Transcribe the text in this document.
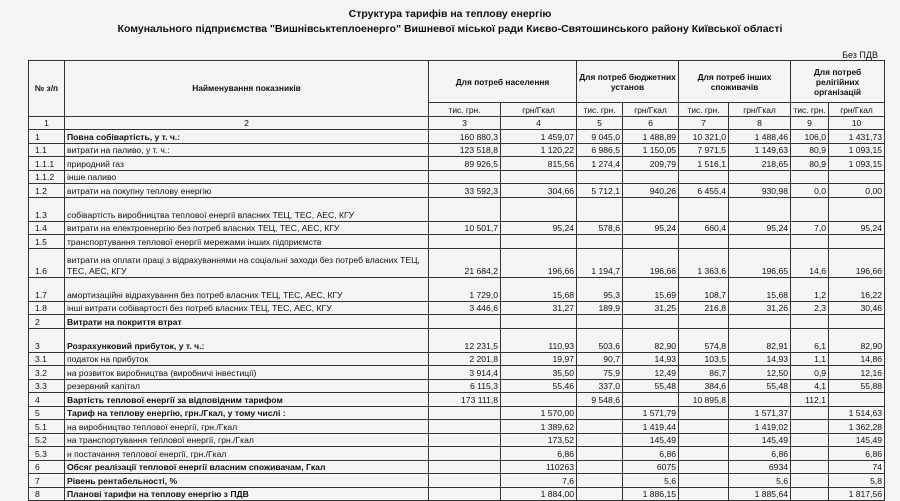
Структура тарифів на теплову енергію
Комунального підприємства "Вишнівськтеплоенерго" Вишневої міської ради Києво-Святошинського району Київської області
Без ПДВ
№ з/п	Найменування показників	Для потреб населення		Для потреб бюджетних установ		Для потреб інших споживачів		Для потреб релігійних організацій	
		тис. грн.	грн/Гкал	тис. грн.	грн/Гкал	тис. грн.	грн/Гкал	тис. грн.	грн/Гкал
1	2	3	4	5	6	7	8	9	10
1	Повна собівартість, у т. ч.:	160 880,3	1 459,07	9 045,0	1 488,89	10 321,0	1 488,46	106,0	1 431,73
1.1	витрати на паливо, у т. ч.:	123 518,8	1 120,22	6 986,5	1 150,05	7 971,5	1 149,63	80,9	1 093,15
1.1.1	природний газ	89 926,5	815,56	1 274,4	209,79	1 516,1	218,65	80,9	1 093,15
1.1.2	інше паливо								
1.2	витрати на покупну теплову енергію	33 592,3	304,66	5 712,1	940,26	6 455,4	930,98	0,0	0,00
1.3	собівартість виробництва теплової енергії власних ТЕЦ, ТЕС, АЕС, КГУ								
1.4	витрати на електроенергію без потреб власних ТЕЦ, ТЕС, АЕС, КГУ	10 501,7	95,24	578,6	95,24	660,4	95,24	7,0	95,24
1.5	транспортування теплової енергії мережами інших підприємств								
1.6	витрати на оплати праці з відрахуваннями на соціальні заходи без потреб власних ТЕЦ, ТЕС, АЕС, КГУ	21 684,2	196,66	1 194,7	196,66	1 363,6	196,65	14,6	196,66
1.7	амортизаційні відрахування без потреб власних ТЕЦ, ТЕС, АЕС, КГУ	1 729,0	15,68	95,3	15,69	108,7	15,68	1,2	16,22
1.8	інші витрати собівартості без потреб власних ТЕЦ, ТЕС, АЕС, КГУ	3 446,6	31,27	189,9	31,25	216,8	31,26	2,3	30,46
2	Витрати на покриття втрат								
3	Розрахунковий прибуток, у т. ч.:	12 231,5	110,93	503,6	82,90	574,8	82,91	6,1	82,90
3.1	податок на прибуток	2 201,8	19,97	90,7	14,93	103,5	14,93	1,1	14,86
3.2	на розвиток виробництва (виробничі інвестиції)	3 914,4	35,50	75,9	12,49	86,7	12,50	0,9	12,16
3.3	резервний капітал	6 115,3	55,46	337,0	55,48	384,6	55,48	4,1	55,88
4	Вартість теплової енергії за відповідним тарифом	173 111,8		9 548,6		10 895,8		112,1	
5	Тариф на теплову енергію, грн./Гкал, у тому числі :		1 570,00		1 571,79		1 571,37		1 514,63
5.1	на виробництво теплової енергії, грн./Гкал		1 389,62		1 419,44		1 419,02		1 362,28
5.2	на транспортування теплової енергії, грн./Гкал		173,52		145,49		145,49		145,49
5.3	н постачання теплової енергії, грн./Гкал		6,86		6,86		6,86		6,86
6	Обсяг реалізації теплової енергії власним споживачам, Гкал		110263		6075		6934		74
7	Рівень рентабельності, %		7,6		5,6		5,6		5,8
8	Планові тарифи на теплову енергію з ПДВ		1 884,00		1 886,15		1 885,64		1 817,56
